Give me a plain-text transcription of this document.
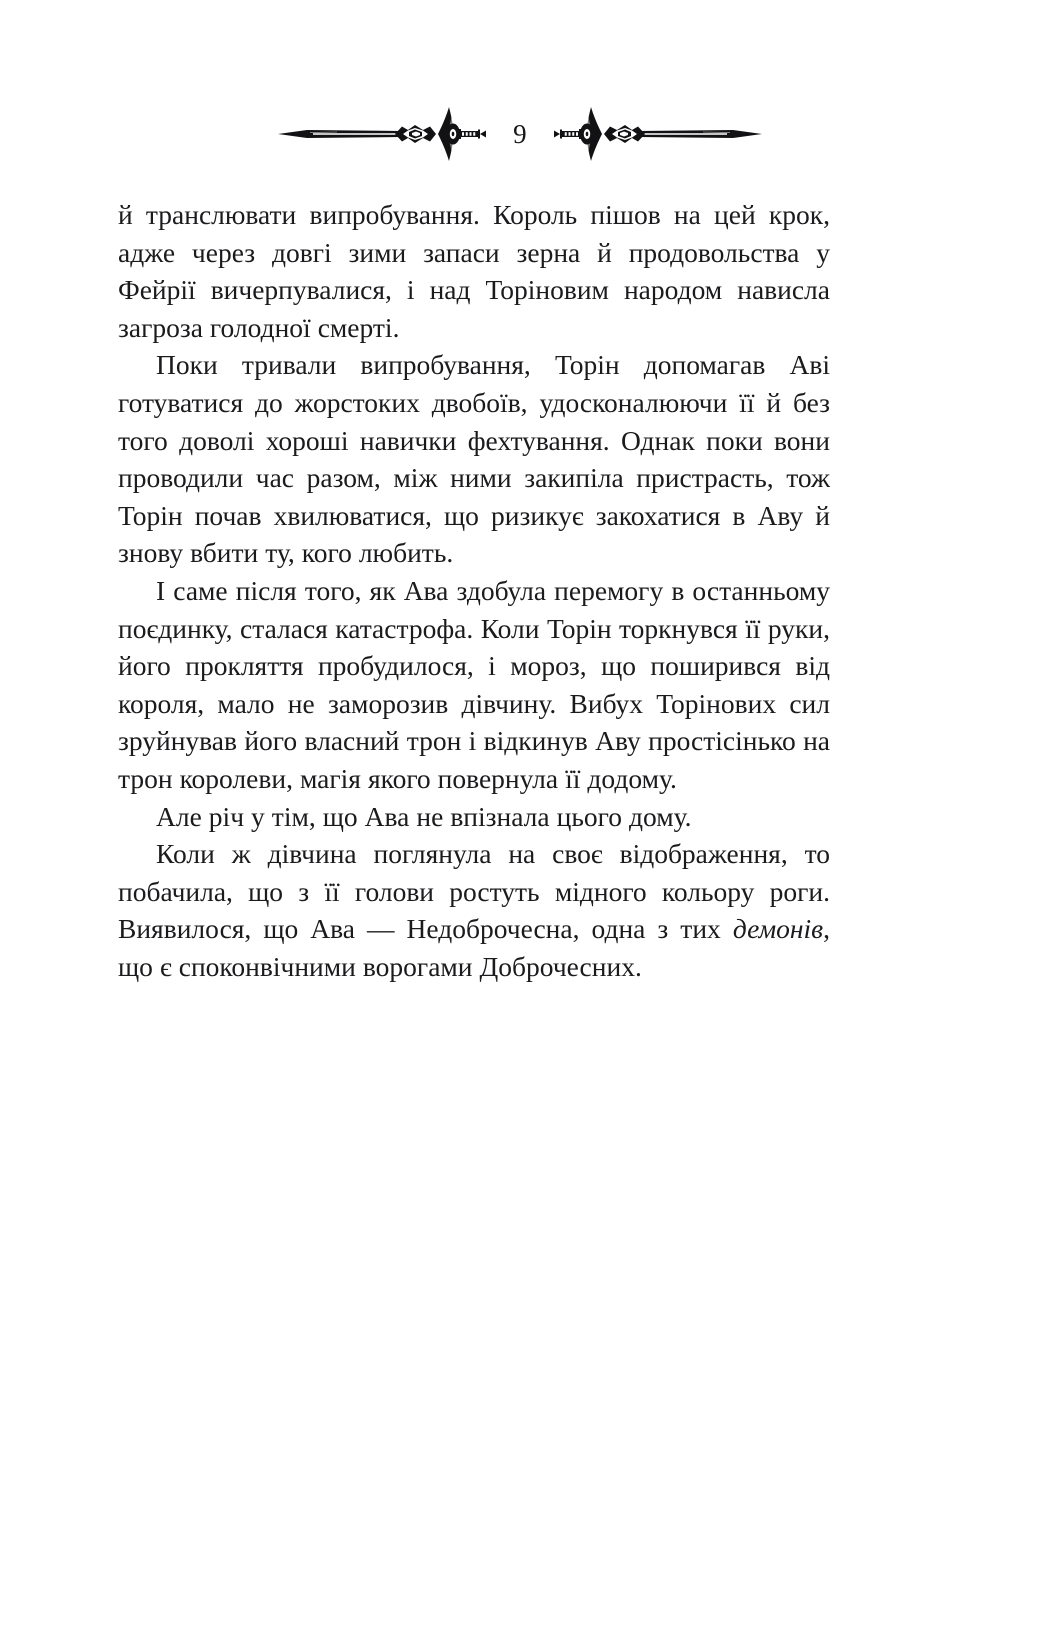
9

й транслювати випробування. Король пішов на цей крок, адже через довгі зими запаси зерна й продовольства у Фейрії вичерпувалися, і над Торіновим народом нависла загроза голодної смерті.

Поки тривали випробування, Торін допомагав Аві готуватися до жорстоких двобоїв, удосконалюючи її й без того доволі хороші навички фехтування. Однак поки вони проводили час разом, між ними закипіла пристрасть, тож Торін почав хвилюватися, що ризикує закохатися в Аву й знову вбити ту, кого любить.

І саме після того, як Ава здобула перемогу в останньому поєдинку, сталася катастрофа. Коли Торін торкнувся її руки, його прокляття пробудилося, і мороз, що поширився від короля, мало не заморозив дівчину. Вибух Торінових сил зруйнував його власний трон і відкинув Аву простісінько на трон королеви, магія якого повернула її додому.

Але річ у тім, що Ава не впізнала цього дому.

Коли ж дівчина поглянула на своє відображення, то побачила, що з її голови ростуть мідного кольору роги. Виявилося, що Ава — Недоброчесна, одна з тих демонів, що є споконвічними ворогами Доброчесних.
